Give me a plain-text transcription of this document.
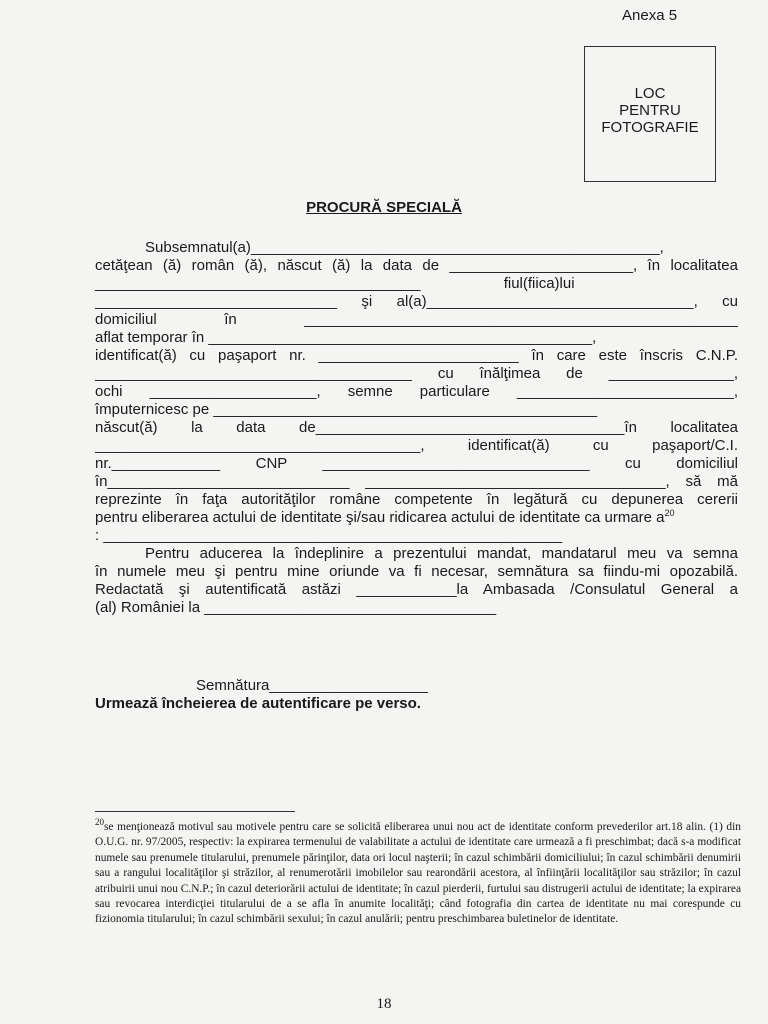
Anexa 5
LOC
PENTRU
FOTOGRAFIE
PROCURĂ SPECIALĂ
Subsemnatul(a)_________________________________________________,
cetăţean (ă) român (ă), născut (ă) la data de ______________________, în localitatea
_______________________________________                    fiul(fiica)lui
_____________________________ şi al(a)________________________________, cu
domiciliul în ____________________________________________________
aflat temporar în ______________________________________________,
identificat(ă) cu paşaport nr. ________________________ în care este înscris C.N.P.
______________________________________ cu înălţimea de _______________,
ochi ____________________, semne particulare __________________________,
împuternicesc pe ______________________________________________
născut(ă) la data de_____________________________________în localitatea
_______________________________________, identificat(ă) cu paşaport/C.I.
nr._____________ CNP ________________________________ cu domiciliul
în_____________________________ ____________________________________, să mă
reprezinte în faţa autorităţilor române competente în legătură cu depunerea cererii
pentru eliberarea actului de identitate şi/sau ridicarea actului de identitate ca urmare $a^{20}$
: _______________________________________________________
Pentru aducerea la îndeplinire a prezentului mandat, mandatarul meu va semna
în numele meu şi pentru mine oriunde va fi necesar, semnătura sa fiindu-mi opozabilă.
Redactată şi autentificată astăzi ____________la Ambasada /Consulatul General a
(al) României la ___________________________________
Semnătura___________________
Urmează încheierea de autentificare pe verso.
$^{20}$se menţionează motivul sau motivele pentru care se solicită eliberarea unui nou act de identitate conform prevederilor art.18 alin. (1) din O.U.G. nr. 97/2005, respectiv: la expirarea termenului de valabilitate a actului de identitate care urmează a fi preschimbat; dacă s-a modificat numele sau prenumele titularului, prenumele părinţilor, data ori locul naşterii; în cazul schimbării domiciliului; în cazul schimbării denumirii sau a rangului localităţilor şi străzilor, al renumerotării imobilelor sau rearondării acestora, al înfiinţării localităţilor sau străzilor; în cazul atribuirii unui nou C.N.P.; în cazul deteriorării actului de identitate; în cazul pierderii, furtului sau distrugerii actului de identitate; la expirarea sau revocarea interdicţiei titularului de a se afla în anumite localităţi; când fotografia din cartea de identitate nu mai corespunde cu fizionomia titularului; în cazul schimbării sexului; în cazul anulării; pentru preschimbarea buletinelor de identitate.
18
